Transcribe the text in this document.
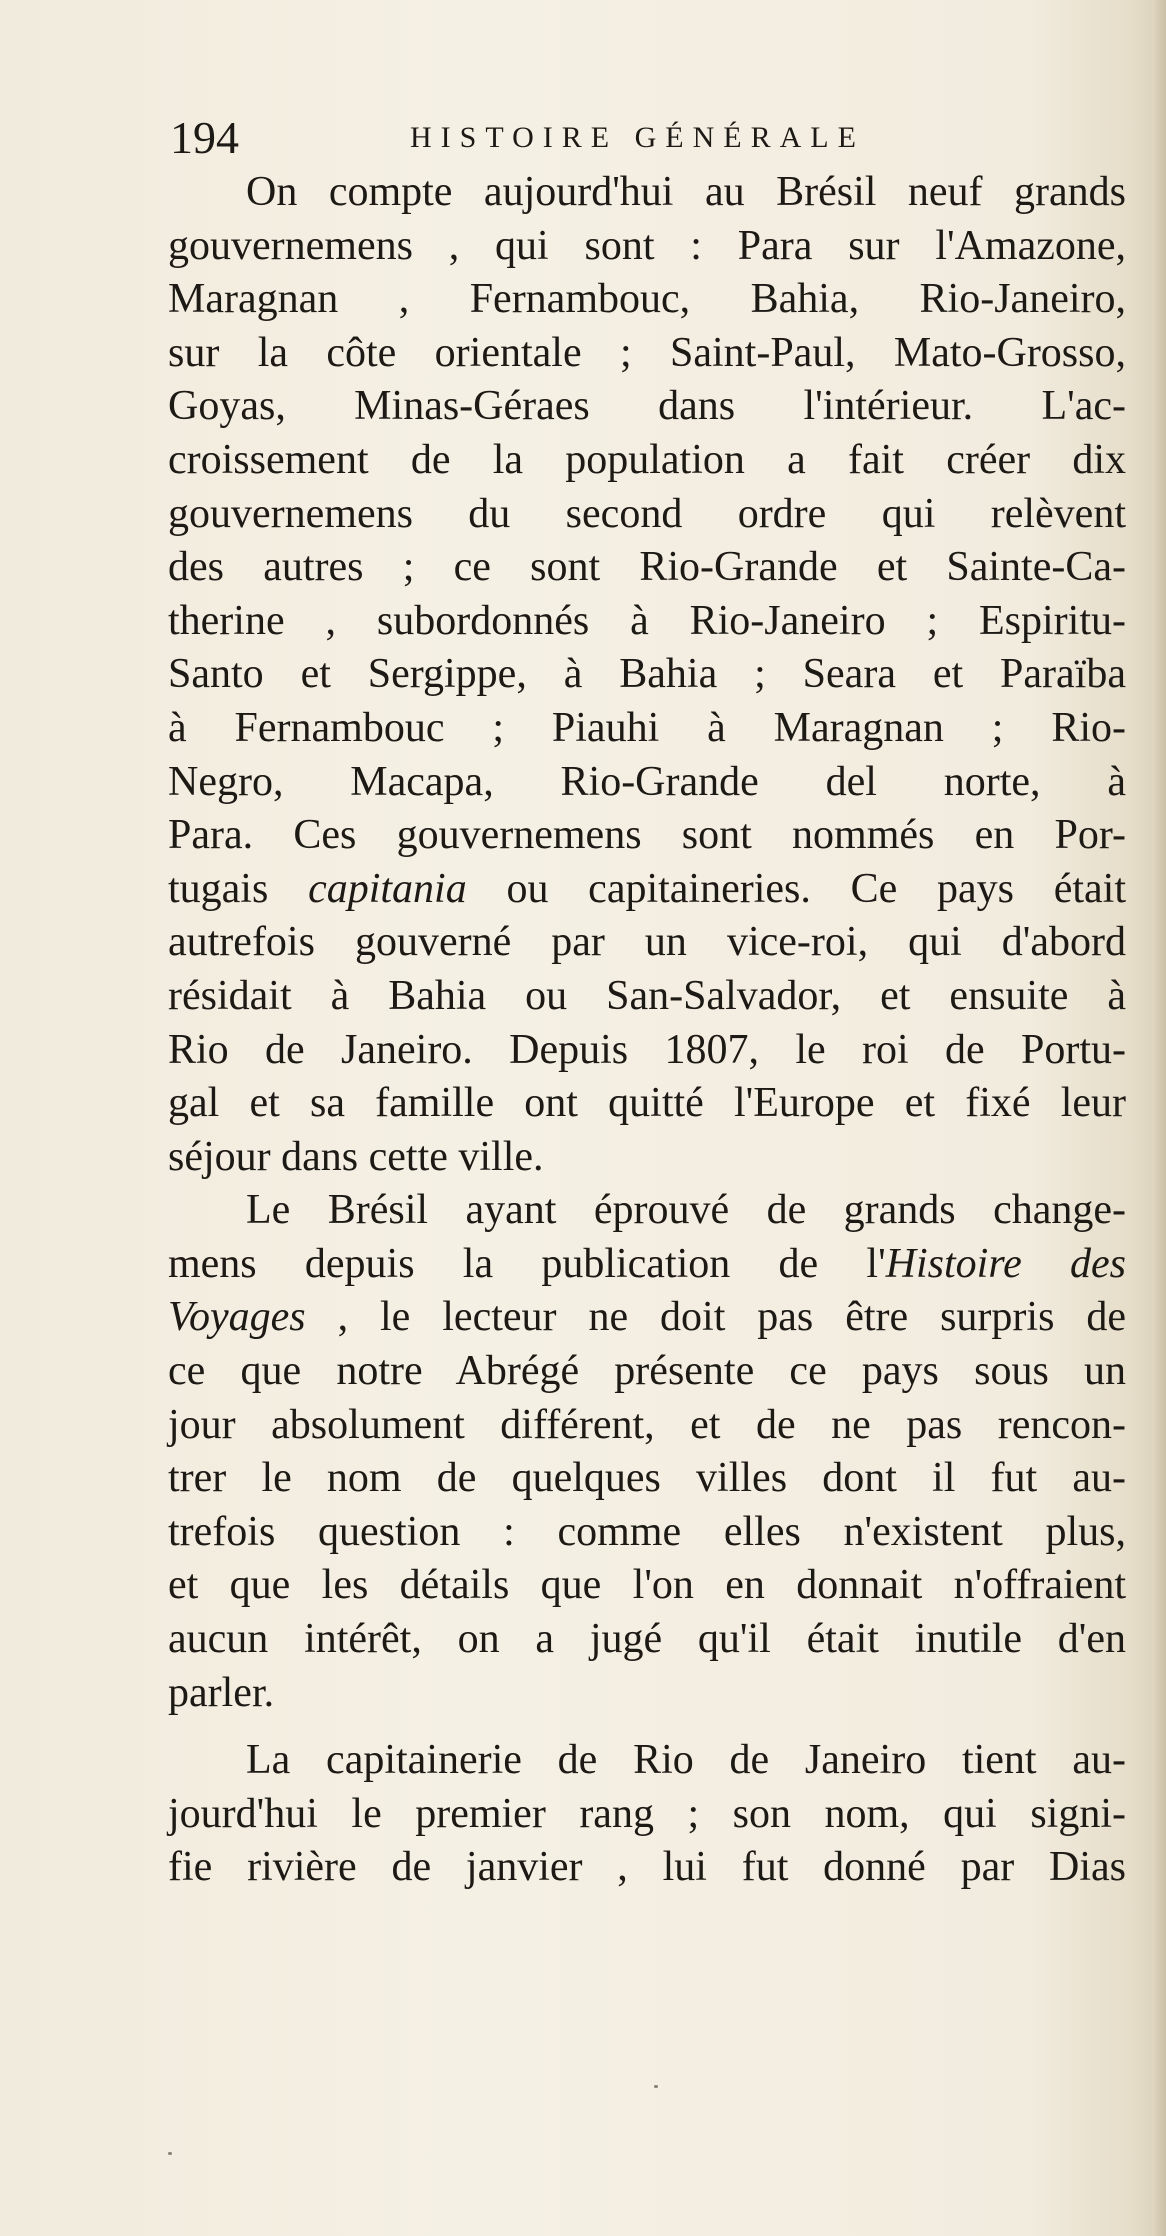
194	HISTOIRE GÉNÉRALE
On compte aujourd'hui au Brésil neuf grands
gouvernemens , qui sont : Para sur l'Amazone,
Maragnan , Fernambouc, Bahia, Rio-Janeiro,
sur la côte orientale ; Saint-Paul, Mato-Grosso,
Goyas, Minas-Géraes dans l'intérieur. L'ac-
croissement de la population a fait créer dix
gouvernemens du second ordre qui relèvent
des autres ; ce sont Rio-Grande et Sainte-Ca-
therine , subordonnés à Rio-Janeiro ; Espiritu-
Santo et Sergippe, à Bahia ; Seara et Paraïba
à Fernambouc ; Piauhi à Maragnan ; Rio-
Negro, Macapa, Rio-Grande del norte, à
Para. Ces gouvernemens sont nommés en Por-
tugais capitania ou capitaineries. Ce pays était
autrefois gouverné par un vice-roi, qui d'abord
résidait à Bahia ou San-Salvador, et ensuite à
Rio de Janeiro. Depuis 1807, le roi de Portu-
gal et sa famille ont quitté l'Europe et fixé leur
séjour dans cette ville.
Le Brésil ayant éprouvé de grands change-
mens depuis la publication de l'Histoire des
Voyages , le lecteur ne doit pas être surpris de
ce que notre Abrégé présente ce pays sous un
jour absolument différent, et de ne pas rencon-
trer le nom de quelques villes dont il fut au-
trefois question : comme elles n'existent plus,
et que les détails que l'on en donnait n'offraient
aucun intérêt, on a jugé qu'il était inutile d'en
parler.
La capitainerie de Rio de Janeiro tient au-
jourd'hui le premier rang ; son nom, qui signi-
fie rivière de janvier , lui fut donné par Dias
